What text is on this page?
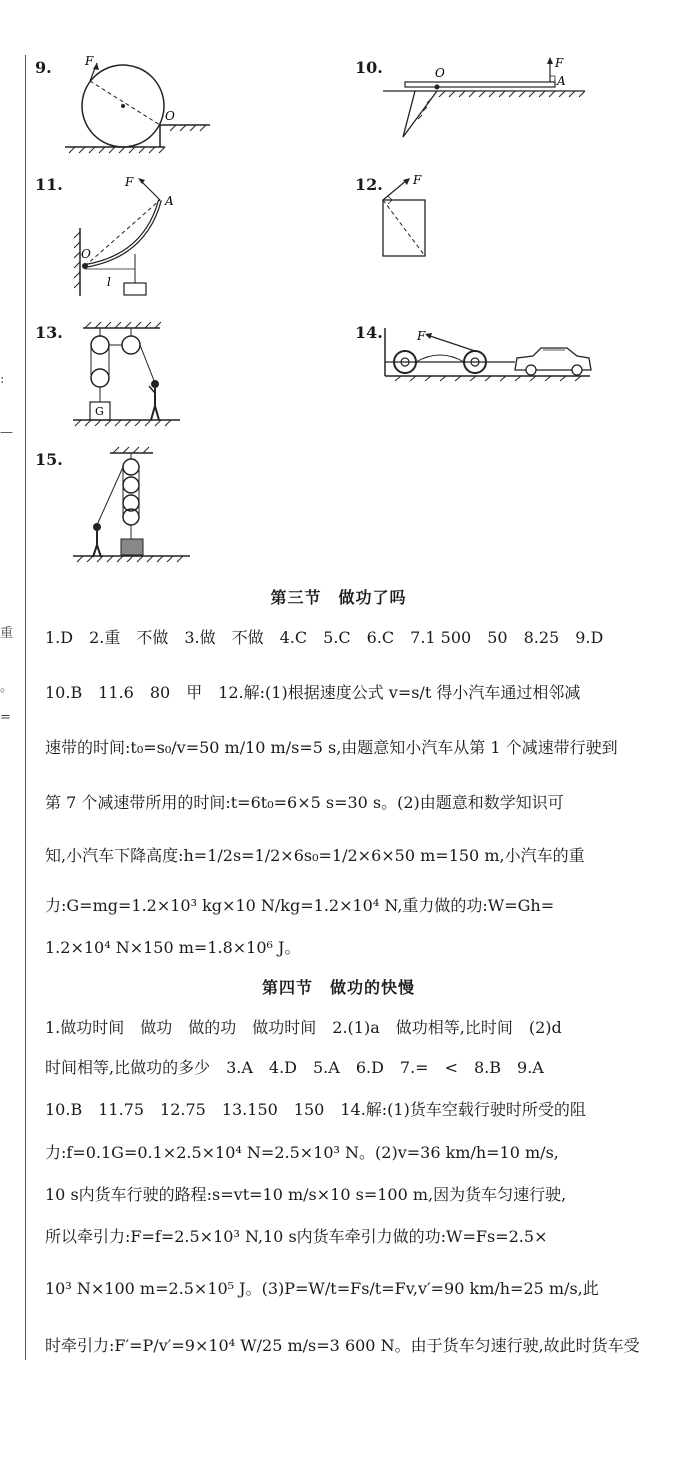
:
—
重
。
=
9.	F
O
10.	O
F
A
11.	F
A
O
l
12.	F
13.
G
14.	F
15.
第三节　做功了吗
1.D　2.重　不做　3.做　不做　4.C　5.C　6.C　7.1 500　50　8.25　9.D
10.B　11.6　80　甲　12.解:(1)根据速度公式 v=s/t 得小汽车通过相邻减
速带的时间:t₀=s₀/v=50 m/10 m/s=5 s,由题意知小汽车从第 1 个减速带行驶到
第 7 个减速带所用的时间:t=6t₀=6×5 s=30 s。(2)由题意和数学知识可
知,小汽车下降高度:h=1/2s=1/2×6s₀=1/2×6×50 m=150 m,小汽车的重
力:G=mg=1.2×10³ kg×10 N/kg=1.2×10⁴ N,重力做的功:W=Gh=
1.2×10⁴ N×150 m=1.8×10⁶ J。
第四节　做功的快慢
1.做功时间　做功　做的功　做功时间　2.(1)a　做功相等,比时间　(2)d
时间相等,比做功的多少　3.A　4.D　5.A　6.D　7.=　<　8.B　9.A
10.B　11.75　12.75　13.150　150　14.解:(1)货车空载行驶时所受的阻
力:f=0.1G=0.1×2.5×10⁴ N=2.5×10³ N。(2)v=36 km/h=10 m/s,
10 s内货车行驶的路程:s=vt=10 m/s×10 s=100 m,因为货车匀速行驶,
所以牵引力:F=f=2.5×10³ N,10 s内货车牵引力做的功:W=Fs=2.5×
10³ N×100 m=2.5×10⁵ J。(3)P=W/t=Fs/t=Fv,v′=90 km/h=25 m/s,此
时牵引力:F′=P/v′=9×10⁴ W/25 m/s=3 600 N。由于货车匀速行驶,故此时货车受
